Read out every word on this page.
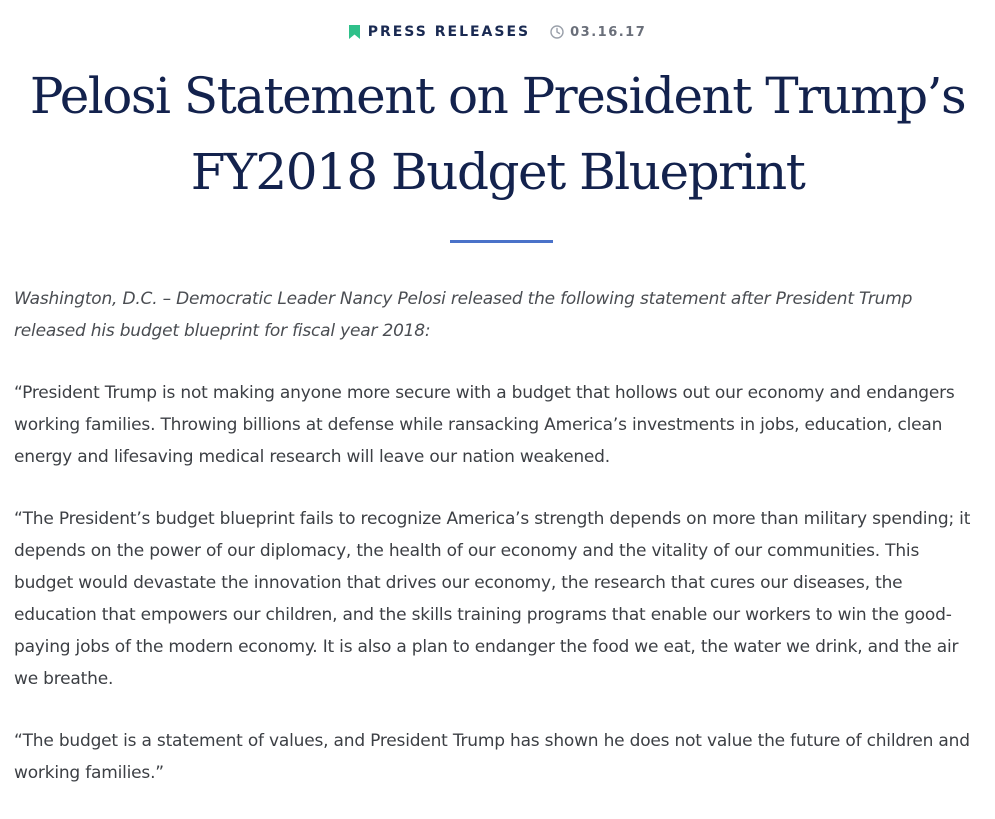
PRESS RELEASES	03.16.17
Pelosi Statement on President Trump’s
FY2018 Budget Blueprint

Washington, D.C. – Democratic Leader Nancy Pelosi released the following statement after President Trump released his budget blueprint for fiscal year 2018:

“President Trump is not making anyone more secure with a budget that hollows out our economy and endangers working families. Throwing billions at defense while ransacking America’s investments in jobs, education, clean energy and lifesaving medical research will leave our nation weakened.

“The President’s budget blueprint fails to recognize America’s strength depends on more than military spending; it depends on the power of our diplomacy, the health of our economy and the vitality of our communities. This budget would devastate the innovation that drives our economy, the research that cures our diseases, the education that empowers our children, and the skills training programs that enable our workers to win the good-paying jobs of the modern economy. It is also a plan to endanger the food we eat, the water we drink, and the air we breathe.

“The budget is a statement of values, and President Trump has shown he does not value the future of children and working families.”
